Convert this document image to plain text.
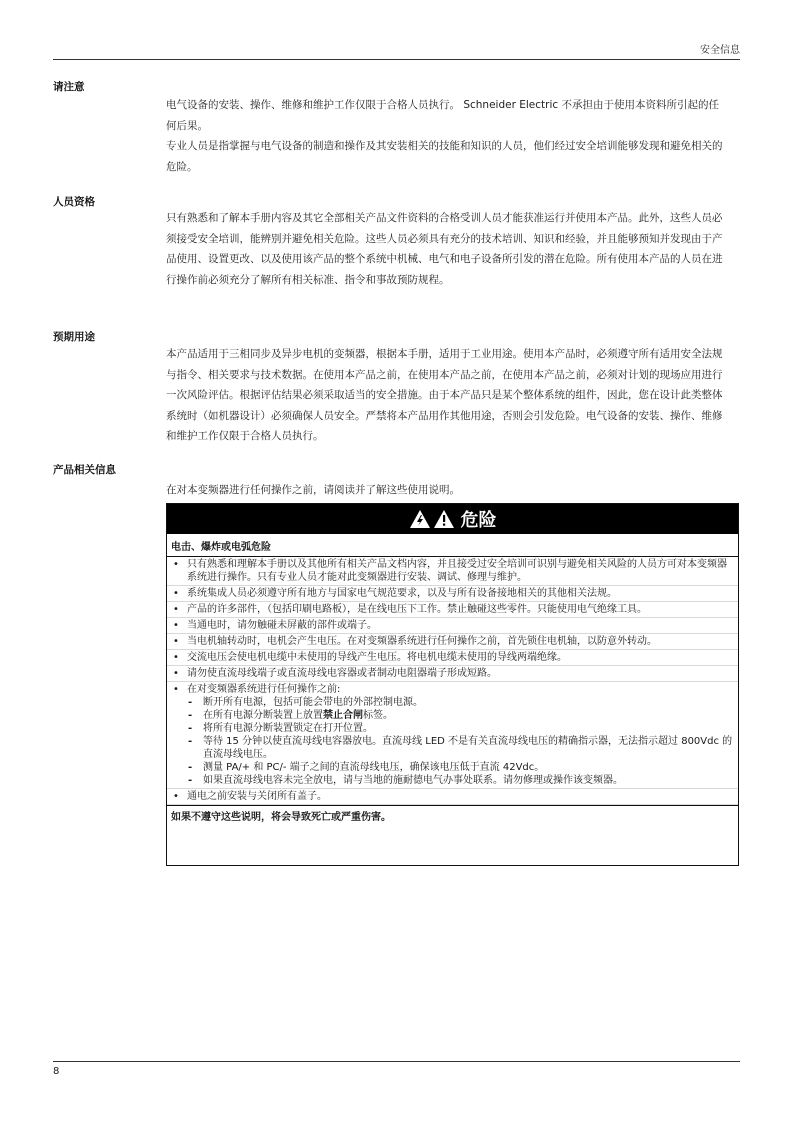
安全信息
请注意

电气设备的安装、操作、维修和维护工作仅限于合格人员执行。 Schneider Electric 不承担由于使用本资料所引起的任何后果。

专业人员是指掌握与电气设备的制造和操作及其安装相关的技能和知识的人员，他们经过安全培训能够发现和避免相关的危险。

人员资格

只有熟悉和了解本手册内容及其它全部相关产品文件资料的合格受训人员才能获准运行并使用本产品。此外，这些人员必须接受安全培训，能辨别并避免相关危险。这些人员必须具有充分的技术培训、知识和经验，并且能够预知并发现由于产品使用、设置更改、以及使用该产品的整个系统中机械、电气和电子设备所引发的潜在危险。所有使用本产品的人员在进行操作前必须充分了解所有相关标准、指令和事故预防规程。

预期用途

本产品适用于三相同步及异步电机的变频器，根据本手册，适用于工业用途。使用本产品时，必须遵守所有适用安全法规与指令、相关要求与技术数据。在使用本产品之前，在使用本产品之前，在使用本产品之前，必须对计划的现场应用进行一次风险评估。根据评估结果必须采取适当的安全措施。由于本产品只是某个整体系统的组件，因此，您在设计此类整体系统时（如机器设计）必须确保人员安全。严禁将本产品用作其他用途，否则会引发危险。电气设备的安装、操作、维修和维护工作仅限于合格人员执行。

产品相关信息

在对本变频器进行任何操作之前，请阅读并了解这些使用说明。

危险
电击、爆炸或电弧危险
• 只有熟悉和理解本手册以及其他所有相关产品文档内容，并且接受过安全培训可识别与避免相关风险的人员方可对本变频器系统进行操作。只有专业人员才能对此变频器进行安装、调试、修理与维护。
• 系统集成人员必须遵守所有地方与国家电气规范要求，以及与所有设备接地相关的其他相关法规。
• 产品的许多部件，（包括印刷电路板），是在线电压下工作。禁止触碰这些零件。只能使用电气绝缘工具。
• 当通电时，请勿触碰未屏蔽的部件或端子。
• 当电机轴转动时，电机会产生电压。在对变频器系统进行任何操作之前，首先锁住电机轴，以防意外转动。
• 交流电压会使电机电缆中未使用的导线产生电压。将电机电缆未使用的导线两端绝缘。
• 请勿使直流母线端子或直流母线电容器或者制动电阻器端子形成短路。
• 在对变频器系统进行任何操作之前:
- 断开所有电源，包括可能会带电的外部控制电源。
- 在所有电源分断装置上放置禁止合闸标签。
- 将所有电源分断装置锁定在打开位置。
- 等待 15 分钟以使直流母线电容器放电。直流母线 LED 不是有关直流母线电压的精确指示器，无法指示超过 800Vdc 的直流母线电压。
- 测量 PA/+ 和 PC/- 端子之间的直流母线电压，确保该电压低于直流 42Vdc。
- 如果直流母线电容未完全放电，请与当地的施耐德电气办事处联系。请勿修理或操作该变频器。
• 通电之前安装与关闭所有盖子。
如果不遵守这些说明，将会导致死亡或严重伤害。
8
